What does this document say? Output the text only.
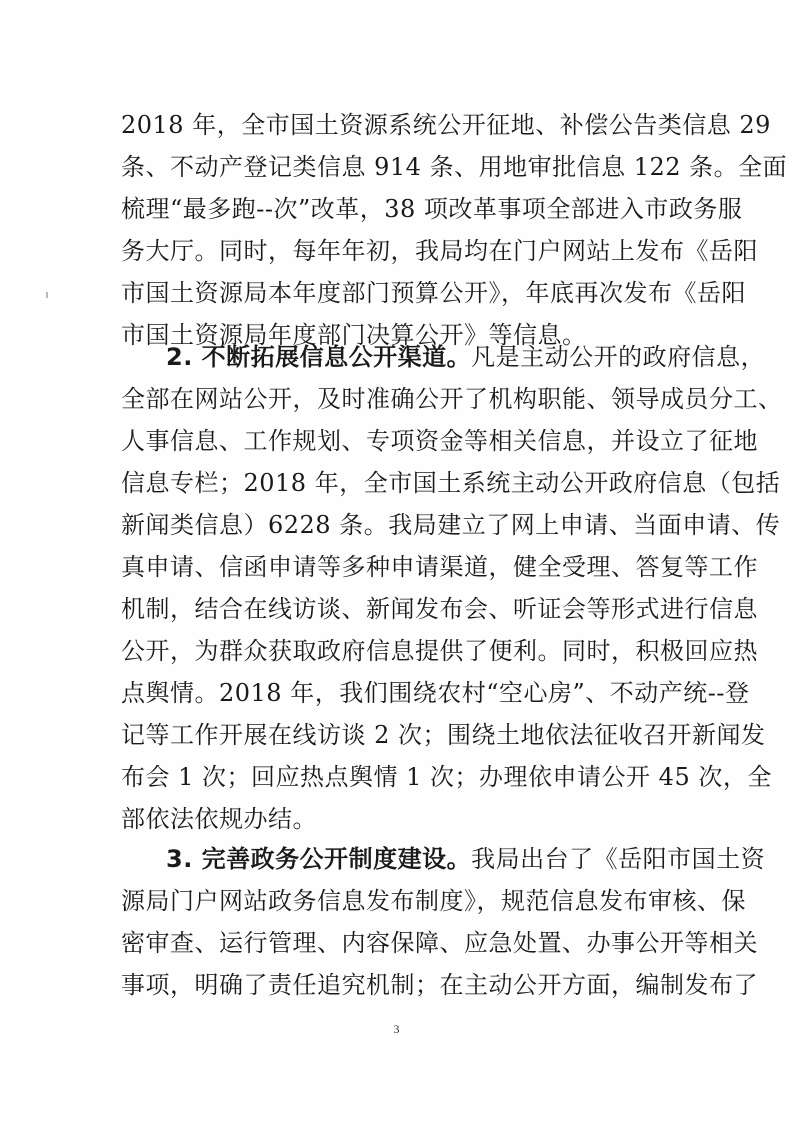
2018 年，全市国土资源系统公开征地、补偿公告类信息 29
条、不动产登记类信息 914 条、用地审批信息 122 条。全面
梳理“最多跑--次”改革，38 项改革事项全部进入市政务服
务大厅。同时，每年年初，我局均在门户网站上发布《岳阳
市国土资源局本年度部门预算公开》，年底再次发布《岳阳
市国土资源局年度部门决算公开》等信息。
2. 不断拓展信息公开渠道。凡是主动公开的政府信息，
全部在网站公开，及时准确公开了机构职能、领导成员分工、
人事信息、工作规划、专项资金等相关信息，并设立了征地
信息专栏；2018 年，全市国土系统主动公开政府信息（包括
新闻类信息）6228 条。我局建立了网上申请、当面申请、传
真申请、信函申请等多种申请渠道，健全受理、答复等工作
机制，结合在线访谈、新闻发布会、听证会等形式进行信息
公开，为群众获取政府信息提供了便利。同时，积极回应热
点舆情。2018 年，我们围绕农村“空心房”、不动产统--登
记等工作开展在线访谈 2 次；围绕土地依法征收召开新闻发
布会 1 次；回应热点舆情 1 次；办理依申请公开 45 次，全
部依法依规办结。
3. 完善政务公开制度建设。我局出台了《岳阳市国土资
源局门户网站政务信息发布制度》，规范信息发布审核、保
密审查、运行管理、内容保障、应急处置、办事公开等相关
事项，明确了责任追究机制；在主动公开方面，编制发布了
3
